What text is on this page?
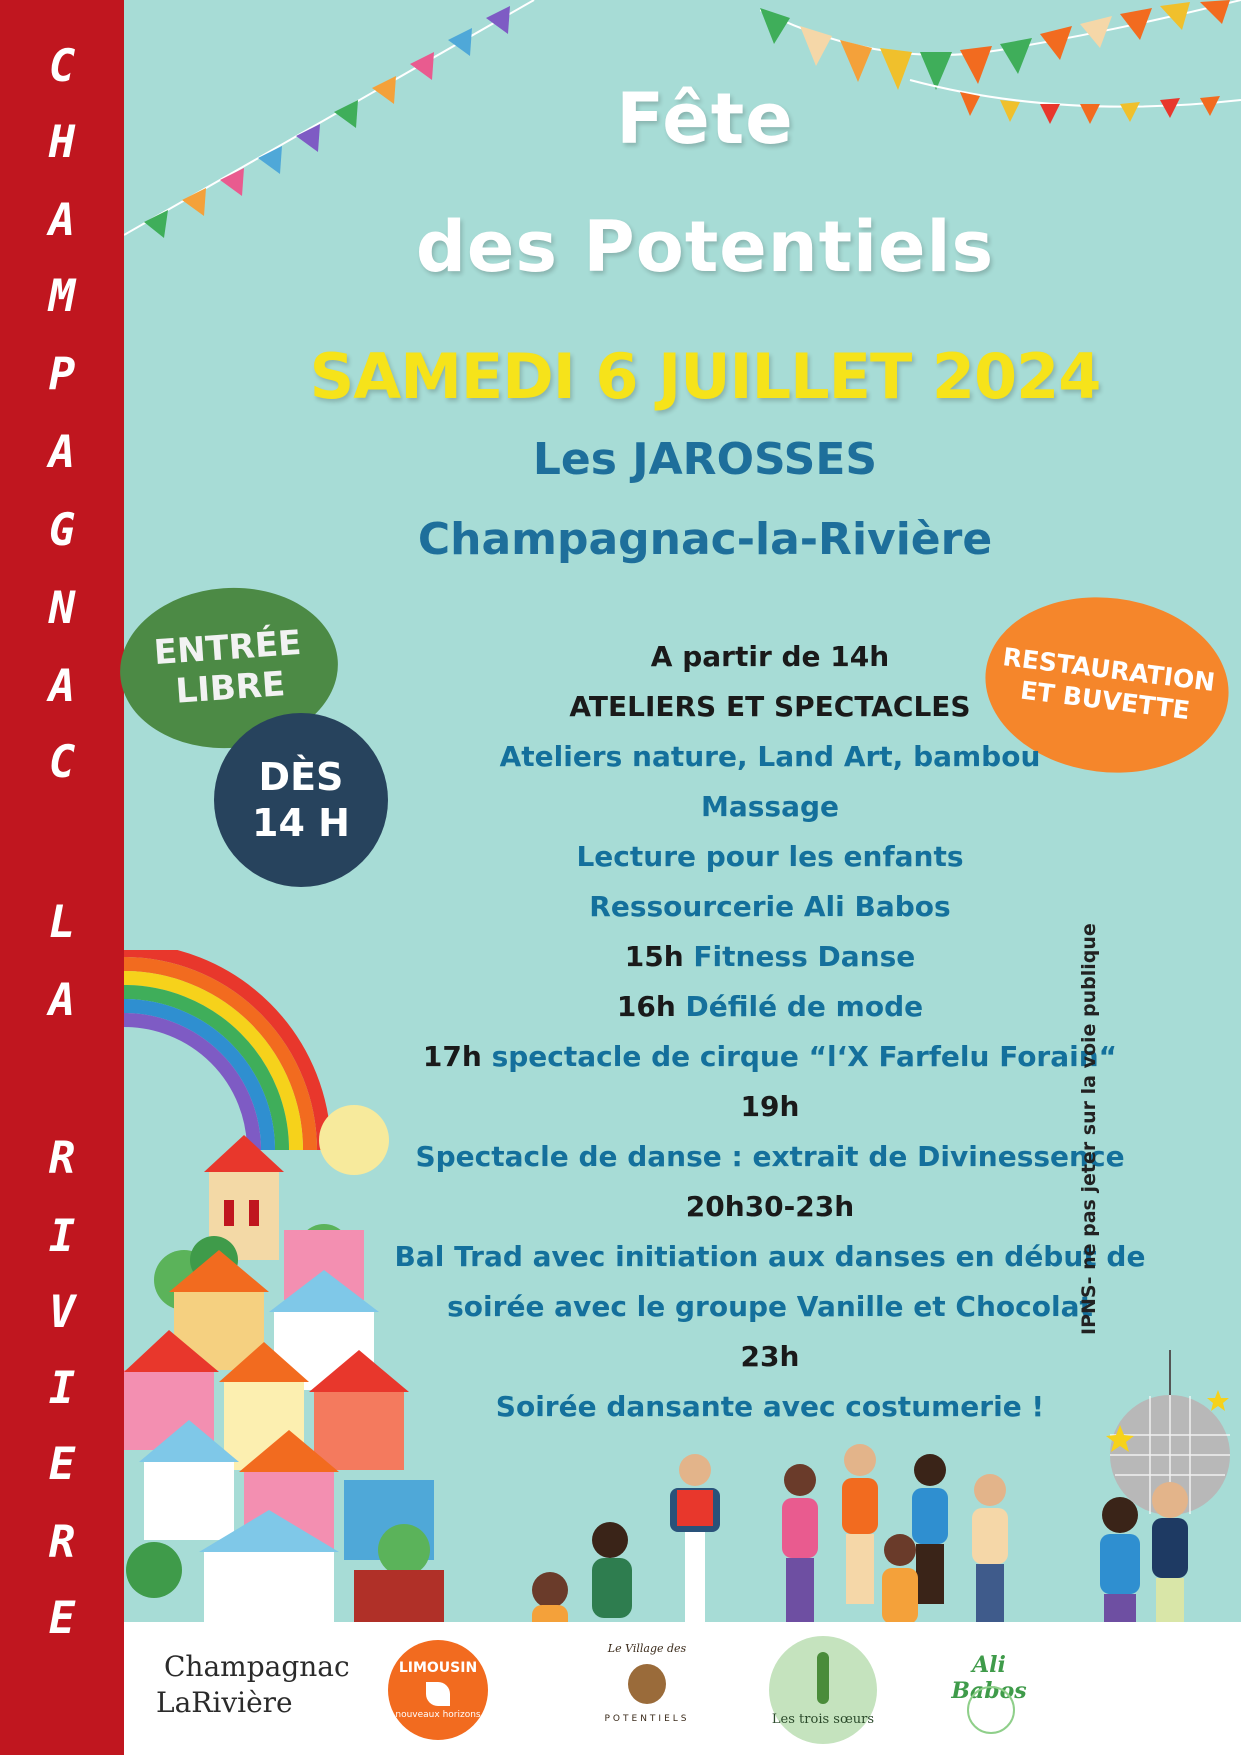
C
H
A
M
P
A
G
N
A
C
L
A
R
I
V
I
E
R
E
Fête
des Potentiels
SAMEDI 6 JUILLET 2024
Les JAROSSES
Champagnac-la-Rivière
ENTRÉE
LIBRE
DÈS
14 H
RESTAURATION
ET BUVETTE
A partir de 14h
ATELIERS ET SPECTACLES
Ateliers nature, Land Art, bambou
Massage
Lecture pour les enfants
Ressourcerie Ali Babos
15h Fitness Danse
16h Défilé de mode
17h spectacle de cirque “l‘X Farfelu Forain“
19h
Spectacle de danse : extrait de Divinessence
20h30-23h
Bal Trad avec initiation aux danses en début de
soirée avec le groupe Vanille et Chocolat
23h
Soirée dansante avec costumerie !
IPNS- ne pas jeter sur la voie publique
Champagnac
LaRivière
LIMOUSIN
nouveaux horizons
Le Village des
POTENTIELS	Les trois sœurs
Ali Babos
